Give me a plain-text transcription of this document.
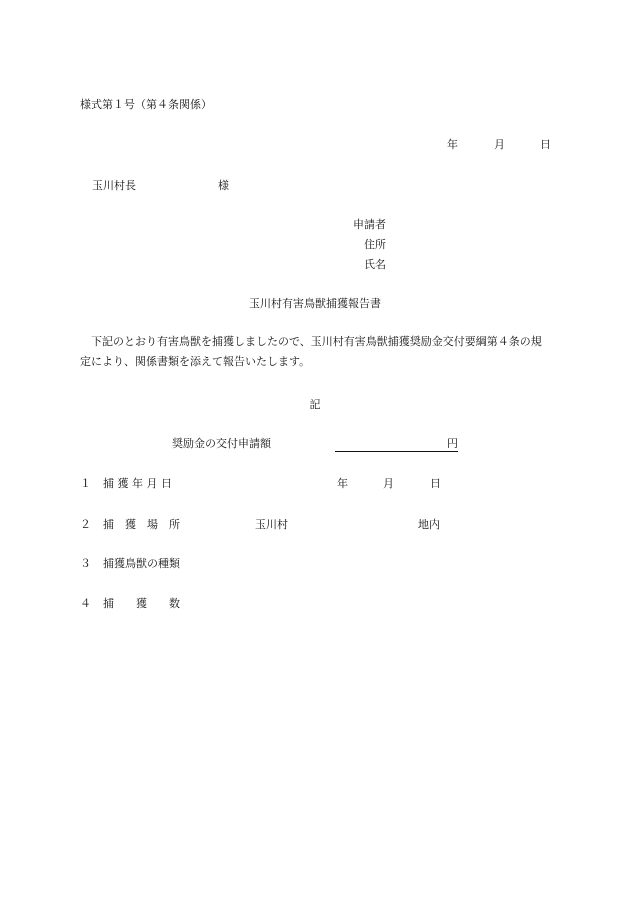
様式第１号（第４条関係）
年	月	日
玉川村長	様
申請者
住所
氏名
玉川村有害鳥獣捕獲報告書
下記のとおり有害鳥獣を捕獲しましたので、玉川村有害鳥獣捕獲奨励金交付要綱第４条の規定により、関係書類を添えて報告いたします。
記
奨励金の交付申請額	円
１ 捕 獲 年 月 日	年	月	日
２ 捕　獲　場　所	玉川村	地内
３ 捕獲鳥獣の種類
４ 捕　　獲　　数
